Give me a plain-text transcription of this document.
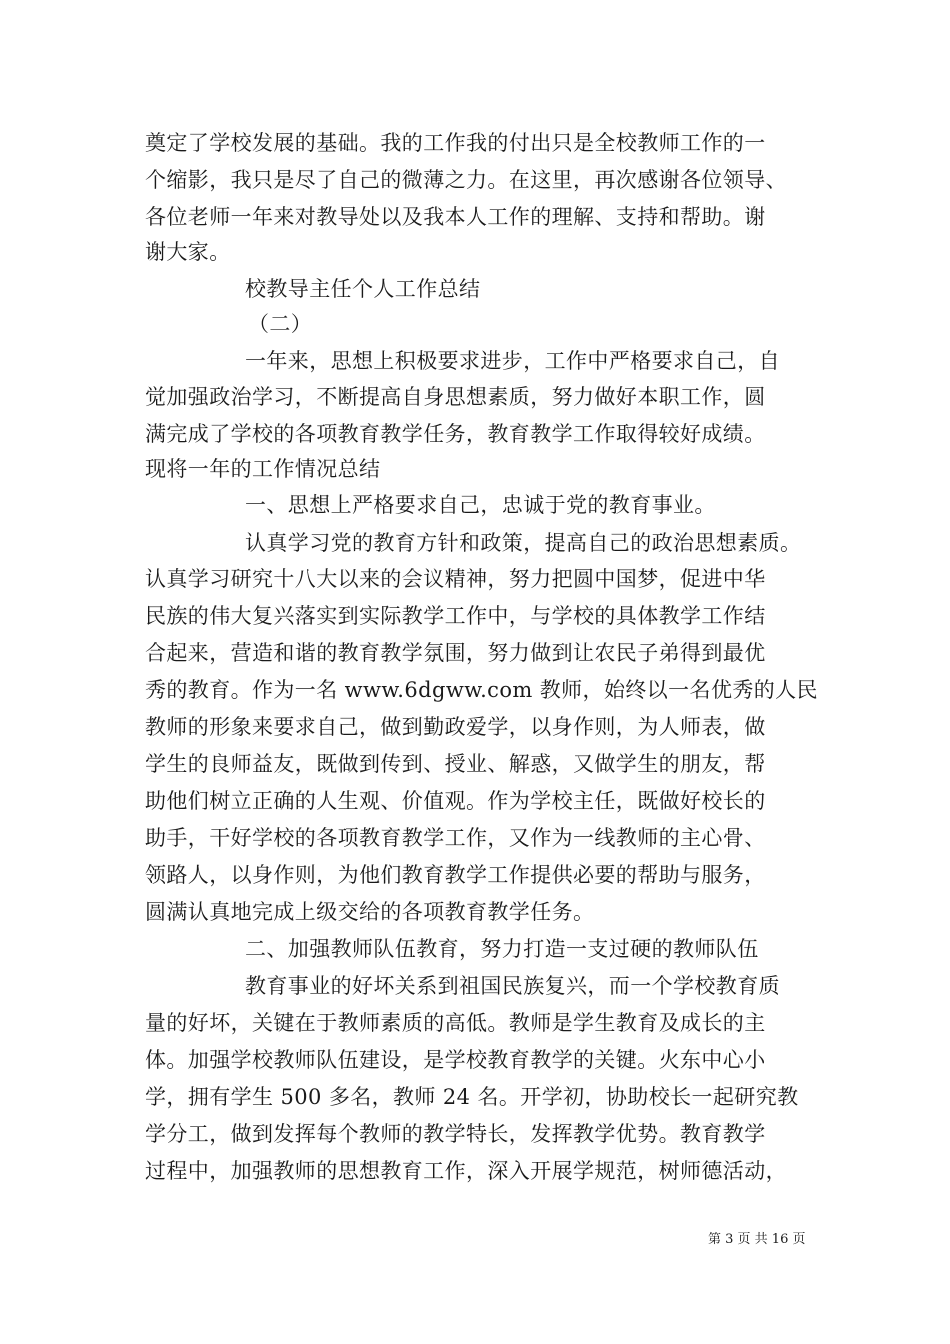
奠定了学校发展的基础。我的工作我的付出只是全校教师工作的一
个缩影，我只是尽了自己的微薄之力。在这里，再次感谢各位领导、
各位老师一年来对教导处以及我本人工作的理解、支持和帮助。谢
谢大家。
校教导主任个人工作总结
（二）
一年来，思想上积极要求进步，工作中严格要求自己，自
觉加强政治学习，不断提高自身思想素质，努力做好本职工作，圆
满完成了学校的各项教育教学任务，教育教学工作取得较好成绩。
现将一年的工作情况总结
一、思想上严格要求自己，忠诚于党的教育事业。
认真学习党的教育方针和政策，提高自己的政治思想素质。
认真学习研究十八大以来的会议精神，努力把圆中国梦，促进中华
民族的伟大复兴落实到实际教学工作中，与学校的具体教学工作结
合起来，营造和谐的教育教学氛围，努力做到让农民子弟得到最优
秀的教育。作为一名 www.6dgww.com 教师，始终以一名优秀的人民
教师的形象来要求自己，做到勤政爱学，以身作则，为人师表，做
学生的良师益友，既做到传到、授业、解惑，又做学生的朋友，帮
助他们树立正确的人生观、价值观。作为学校主任，既做好校长的
助手，干好学校的各项教育教学工作，又作为一线教师的主心骨、
领路人，以身作则，为他们教育教学工作提供必要的帮助与服务，
圆满认真地完成上级交给的各项教育教学任务。
二、加强教师队伍教育，努力打造一支过硬的教师队伍
教育事业的好坏关系到祖国民族复兴，而一个学校教育质
量的好坏，关键在于教师素质的高低。教师是学生教育及成长的主
体。加强学校教师队伍建设，是学校教育教学的关键。火东中心小
学，拥有学生 500 多名，教师 24 名。开学初，协助校长一起研究教
学分工，做到发挥每个教师的教学特长，发挥教学优势。教育教学
过程中，加强教师的思想教育工作，深入开展学规范，树师德活动，
第 3 页 共 16 页
